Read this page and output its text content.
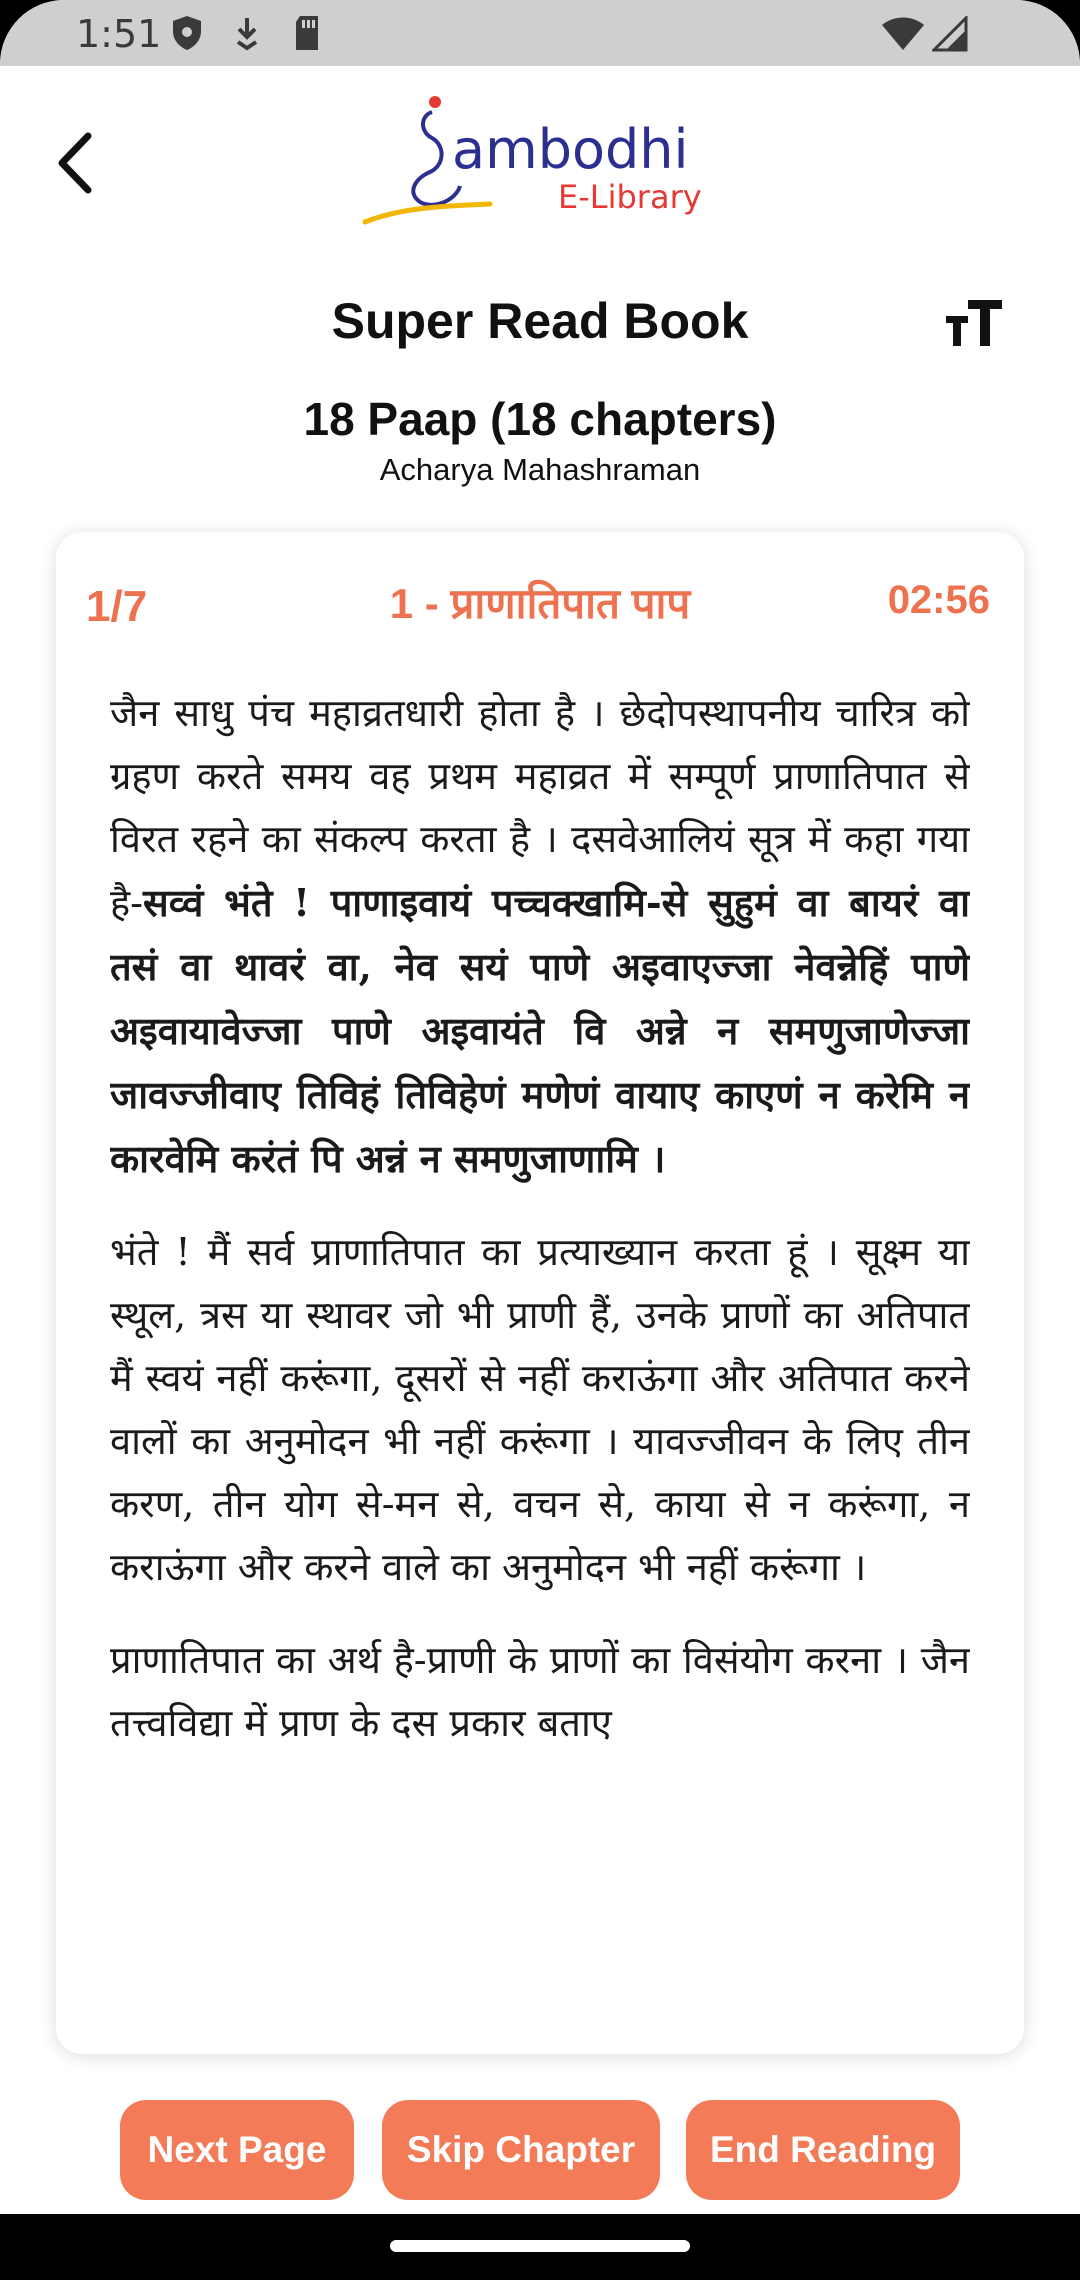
1:51
ambodhi
E-Library
Super Read Book
18 Paap (18 chapters)
Acharya Mahashraman
1 - प्राणातिपात पाप
1/7	02:56

जैन साधु पंच महाव्रतधारी होता है । छेदोपस्थापनीय चारित्र को ग्रहण करते समय वह प्रथम महाव्रत में सम्पूर्ण प्राणातिपात से विरत रहने का संकल्प करता है । दसवेआलियं सूत्र में कहा गया है-सव्वं भंते ! पाणाइवायं पच्चक्खामि-से सुहुमं वा बायरं वा तसं वा थावरं वा, नेव सयं पाणे अइवाएज्जा नेवन्नेहिं पाणे अइवायावेज्जा पाणे अइवायंते वि अन्ने न समणुजाणेज्जा जावज्जीवाए तिविहं तिविहेणं मणेणं वायाए काएणं न करेमि न कारवेमि करंतं पि अन्नं न समणुजाणामि ।

भंते ! मैं सर्व प्राणातिपात का प्रत्याख्यान करता हूं । सूक्ष्म या स्थूल, त्रस या स्थावर जो भी प्राणी हैं, उनके प्राणों का अतिपात मैं स्वयं नहीं करूंगा, दूसरों से नहीं कराऊंगा और अतिपात करने वालों का अनुमोदन भी नहीं करूंगा । यावज्जीवन के लिए तीन करण, तीन योग से-मन से, वचन से, काया से न करूंगा, न कराऊंगा और करने वाले का अनुमोदन भी नहीं करूंगा ।

प्राणातिपात का अर्थ है-प्राणी के प्राणों का विसंयोग करना । जैन तत्त्वविद्या में प्राण के दस प्रकार बताए

Next Page	Skip Chapter	End Reading
